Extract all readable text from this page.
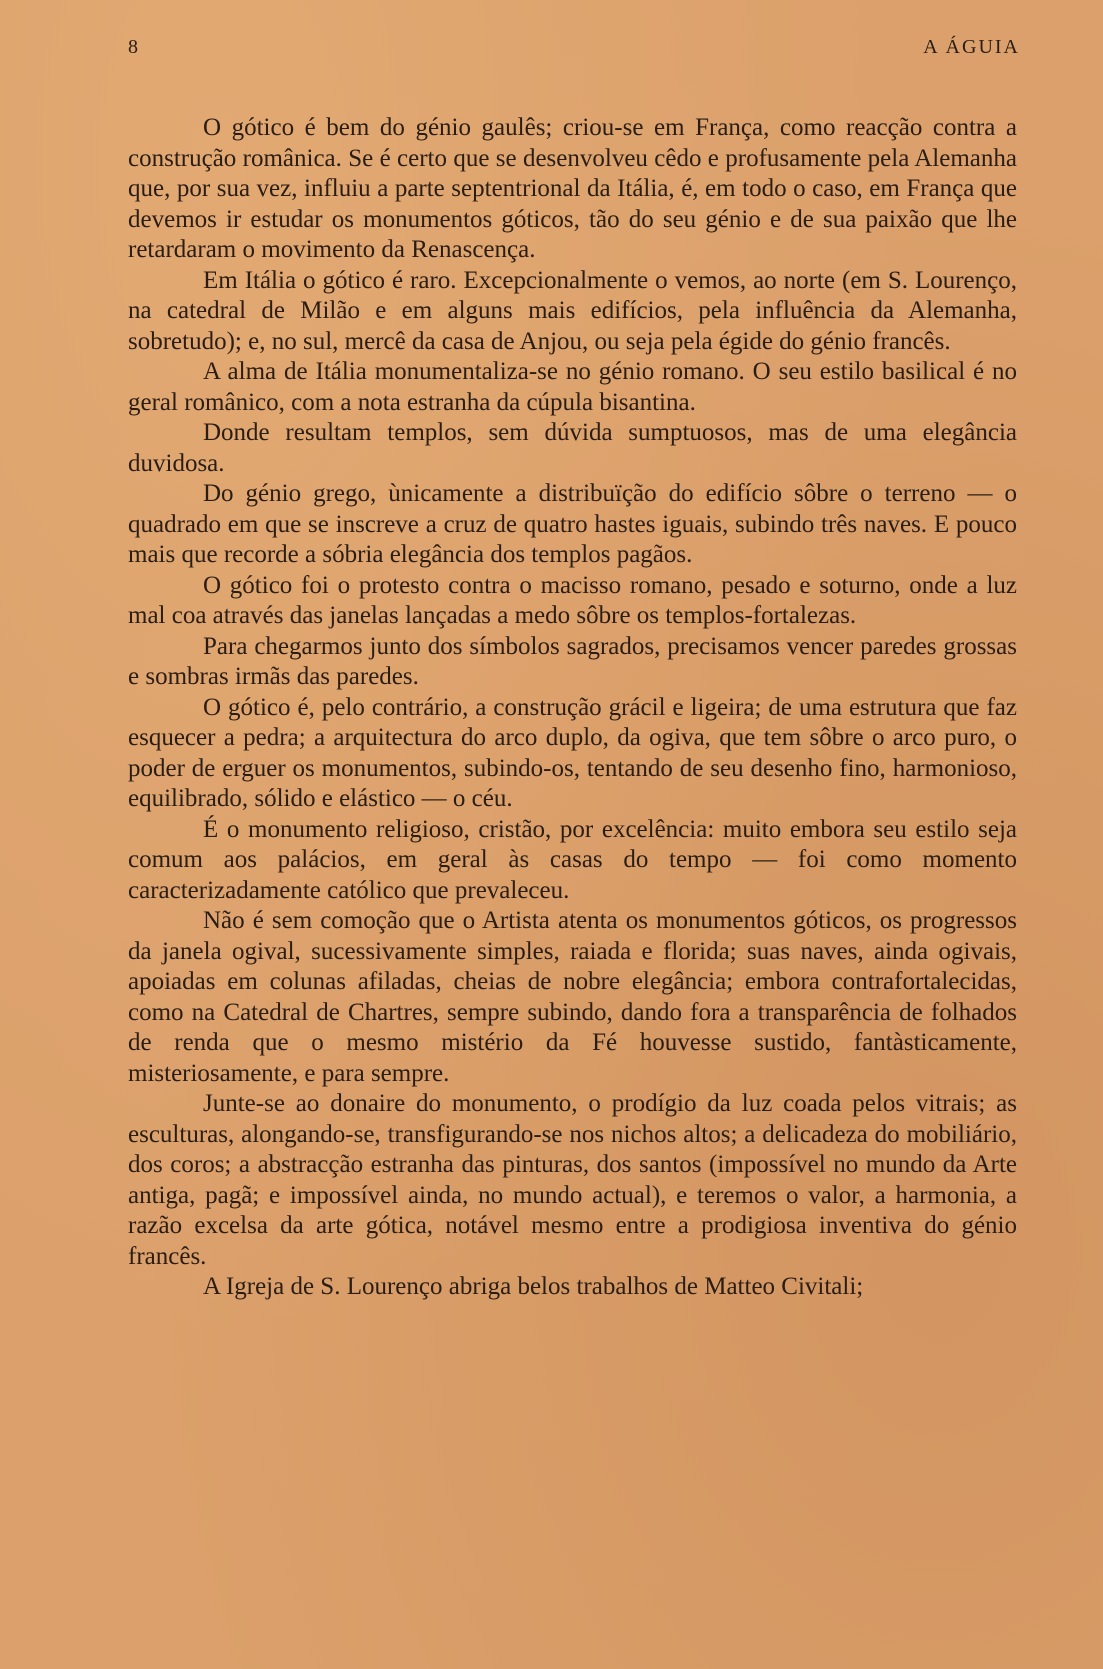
8	A ÁGUIA

O gótico é bem do génio gaulês; criou-se em França, como reacção contra a construção românica. Se é certo que se desenvolveu cêdo e profusamente pela Alemanha que, por sua vez, influiu a parte septentrional da Itália, é, em todo o caso, em França que devemos ir estudar os monumentos góticos, tão do seu génio e de sua paixão que lhe retardaram o movimento da Renascença.

Em Itália o gótico é raro. Excepcionalmente o vemos, ao norte (em S. Lourenço, na catedral de Milão e em alguns mais edifícios, pela influência da Alemanha, sobretudo); e, no sul, mercê da casa de Anjou, ou seja pela égide do génio francês.

A alma de Itália monumentaliza-se no génio romano. O seu estilo basilical é no geral românico, com a nota estranha da cúpula bisantina.

Donde resultam templos, sem dúvida sumptuosos, mas de uma elegância duvidosa.

Do génio grego, ùnicamente a distribuïção do edifício sôbre o terreno — o quadrado em que se inscreve a cruz de quatro hastes iguais, subindo três naves. E pouco mais que recorde a sóbria elegância dos templos pagãos.

O gótico foi o protesto contra o macisso romano, pesado e soturno, onde a luz mal coa através das janelas lançadas a medo sôbre os templos-fortalezas.

Para chegarmos junto dos símbolos sagrados, precisamos vencer paredes grossas e sombras irmãs das paredes.

O gótico é, pelo contrário, a construção grácil e ligeira; de uma estrutura que faz esquecer a pedra; a arquitectura do arco duplo, da ogiva, que tem sôbre o arco puro, o poder de erguer os monumentos, subindo-os, tentando de seu desenho fino, harmonioso, equilibrado, sólido e elástico — o céu.

É o monumento religioso, cristão, por excelência: muito embora seu estilo seja comum aos palácios, em geral às casas do tempo — foi como momento caracterizadamente católico que prevaleceu.

Não é sem comoção que o Artista atenta os monumentos góticos, os progressos da janela ogival, sucessivamente simples, raiada e florida; suas naves, ainda ogivais, apoiadas em colunas afiladas, cheias de nobre elegância; embora contrafortalecidas, como na Catedral de Chartres, sempre subindo, dando fora a transparência de folhados de renda que o mesmo mistério da Fé houvesse sustido, fantàsticamente, misteriosamente, e para sempre.

Junte-se ao donaire do monumento, o prodígio da luz coada pelos vitrais; as esculturas, alongando-se, transfigurando-se nos nichos altos; a delicadeza do mobiliário, dos coros; a abstracção estranha das pinturas, dos santos (impossível no mundo da Arte antiga, pagã; e impossível ainda, no mundo actual), e teremos o valor, a harmonia, a razão excelsa da arte gótica, notável mesmo entre a prodigiosa inventiva do génio francês.

A Igreja de S. Lourenço abriga belos trabalhos de Matteo Civitali;
